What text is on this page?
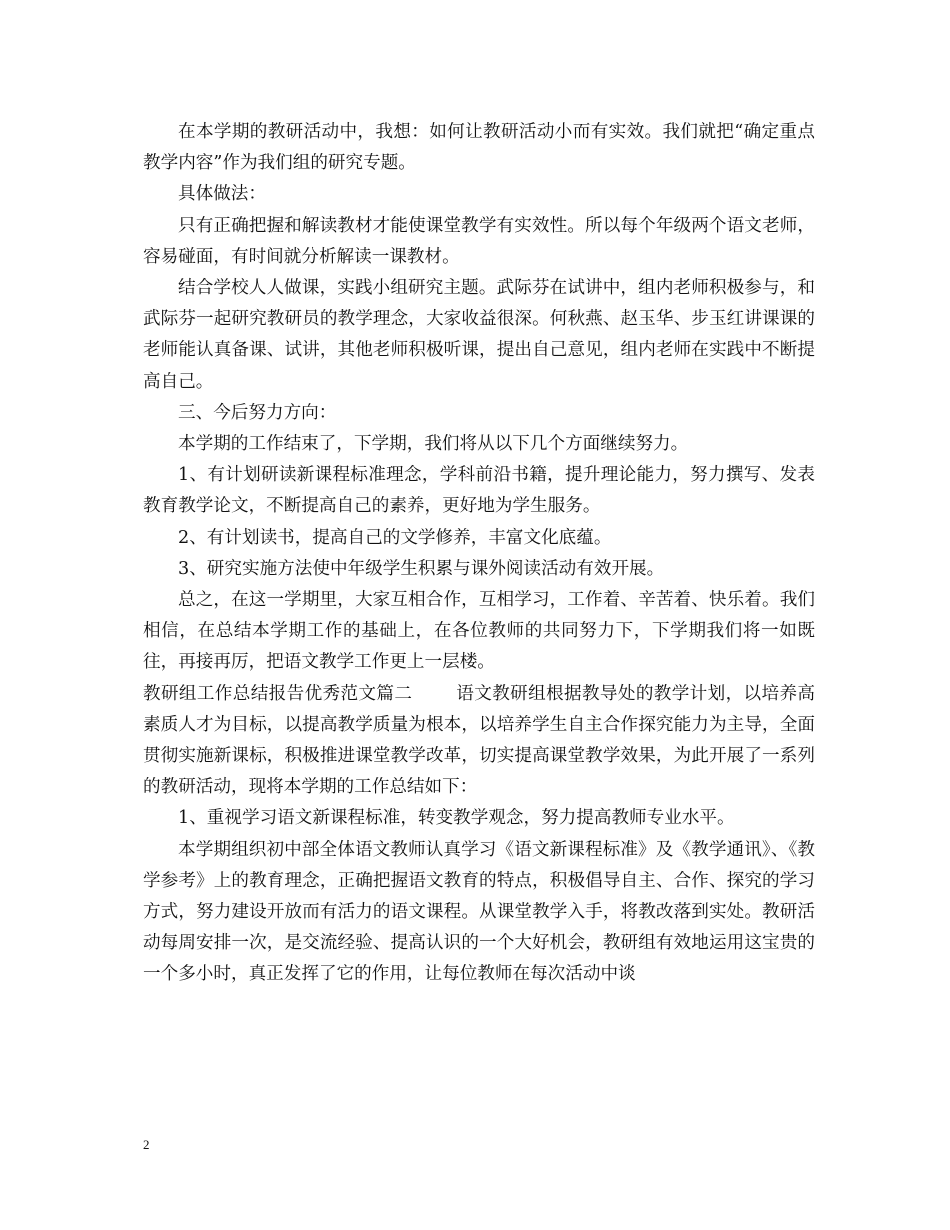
在本学期的教研活动中，我想：如何让教研活动小而有实效。我们就把“确定重点教学内容”作为我们组的研究专题。

具体做法：

只有正确把握和解读教材才能使课堂教学有实效性。所以每个年级两个语文老师，容易碰面，有时间就分析解读一课教材。

结合学校人人做课，实践小组研究主题。武际芬在试讲中，组内老师积极参与，和武际芬一起研究教研员的教学理念，大家收益很深。何秋燕、赵玉华、步玉红讲课课的老师能认真备课、试讲，其他老师积极听课，提出自己意见，组内老师在实践中不断提高自己。

三、今后努力方向：

本学期的工作结束了，下学期，我们将从以下几个方面继续努力。

1、有计划研读新课程标准理念，学科前沿书籍，提升理论能力，努力撰写、发表教育教学论文，不断提高自己的素养，更好地为学生服务。

2、有计划读书，提高自己的文学修养，丰富文化底蕴。

3、研究实施方法使中年级学生积累与课外阅读活动有效开展。

总之，在这一学期里，大家互相合作，互相学习，工作着、辛苦着、快乐着。我们相信，在总结本学期工作的基础上，在各位教师的共同努力下，下学期我们将一如既往，再接再厉，把语文教学工作更上一层楼。

教研组工作总结报告优秀范文篇二	语文教研组根据教导处的教学计划，以培养高素质人才为目标，以提高教学质量为根本，以培养学生自主合作探究能力为主导，全面贯彻实施新课标，积极推进课堂教学改革，切实提高课堂教学效果，为此开展了一系列的教研活动，现将本学期的工作总结如下：

1、重视学习语文新课程标准，转变教学观念，努力提高教师专业水平。

本学期组织初中部全体语文教师认真学习《语文新课程标准》及《教学通讯》、《教学参考》上的教育理念，正确把握语文教育的特点，积极倡导自主、合作、探究的学习方式，努力建设开放而有活力的语文课程。从课堂教学入手，将教改落到实处。教研活动每周安排一次，是交流经验、提高认识的一个大好机会，教研组有效地运用这宝贵的一个多小时，真正发挥了它的作用，让每位教师在每次活动中谈

2
